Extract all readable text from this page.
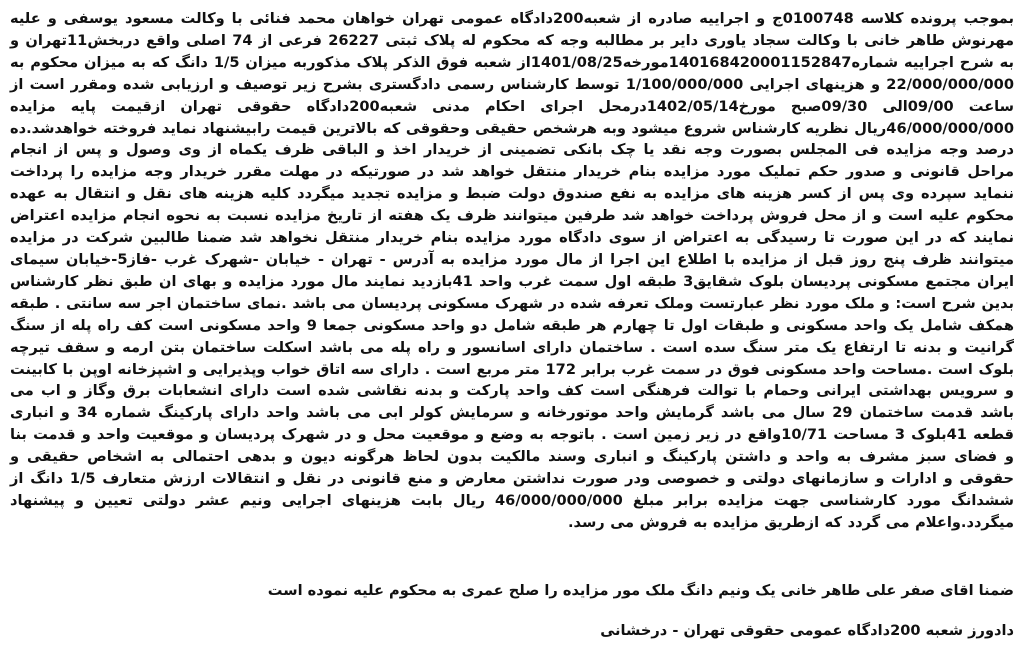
بموجب پرونده کلاسه 0100748ج و اجراییه صادره از شعبه200دادگاه عمومی تهران خواهان محمد فنائی با وکالت مسعود یوسفی و علیه مهرنوش طاهر خانی با وکالت سجاد یاوری دایر بر مطالبه وجه که محکوم له پلاک ثبتی 26227 فرعی از 74 اصلی واقع دربخش11تهران و به شرح اجراییه شماره140168420001152847مورخه1401/08/25از شعبه فوق الذکر پلاک مذکوربه میزان 1/5 دانگ که به میزان محکوم به 22/000/000/000 و هزینهای اجرایی 1/100/000/000 توسط کارشناس رسمی دادگستری بشرح زیر توصیف و ارزیابی شده ومقرر است از ساعت 09/00الی 09/30صبح مورخ1402/05/14درمحل اجرای احکام مدنی شعبه200دادگاه حقوقی تهران ازقیمت پایه مزایده 46/000/000/000ریال نظریه کارشناس شروع میشود وبه هرشخص حقیقی وحقوقی که بالاترین قیمت رابیشنهاد نماید فروخته خواهدشد.ده درصد وجه مزایده فی المجلس بصورت وجه نقد یا چک بانکی تضمینی از خریدار اخذ و الباقی ظرف یکماه از وی وصول و پس از انجام مراحل قانونی و صدور حکم تملیک مورد مزایده بنام خریدار منتقل خواهد شد در صورتیکه در مهلت مقرر خریدار وجه مزایده را پرداخت ننماید سپرده وی پس از کسر هزینه های مزایده به نفع صندوق دولت ضبط و مزایده تجدید میگردد کلیه هزینه های نقل و انتقال به عهده محکوم علیه است و از محل فروش پرداخت خواهد شد طرفین میتوانند ظرف یک هفته از تاریخ مزایده نسبت به نحوه انجام مزایده اعتراض نمایند که در این صورت تا رسیدگی به اعتراض از سوی دادگاه مورد مزایده بنام خریدار منتقل نخواهد شد ضمنا طالبین شرکت در مزایده میتوانند ظرف پنج روز قبل از مزایده با اطلاع این اجرا از مال مورد مزایده به آدرس - تهران - خیابان -شهرک غرب -فاز5-خیابان سیمای ایران مجتمع مسکونی پردیسان بلوک شقایق3 طبقه اول سمت غرب واحد 41بازدید نمایند مال مورد مزایده و بهای ان طبق نظر کارشناس بدین شرح است: و ملک مورد نظر عبارتست وملک تعرفه شده در شهرک مسکونی پردیسان می باشد .نمای ساختمان اجر سه سانتی . طبقه همکف شامل یک واحد مسکونی و طبقات اول تا چهارم هر طبقه شامل دو واحد مسکونی جمعا 9 واحد مسکونی است کف راه پله از سنگ گرانیت و بدنه تا ارتفاع یک متر سنگ سده است . ساختمان دارای اسانسور و راه پله می باشد اسکلت ساختمان بتن ارمه و سقف تیرچه بلوک است .مساحت واحد مسکونی فوق در سمت غرب برابر 172 متر مربع است . دارای سه اتاق خواب وپذیرایی و اشپزخانه اوپن با کابینت و سرویس بهداشتی ایرانی وحمام با توالت فرهنگی است کف واحد پارکت و بدنه نقاشی شده است دارای انشعابات برق وگاز و اب می باشد قدمت ساختمان 29 سال می باشد گرمایش واحد موتورخانه و سرمایش کولر ابی می باشد واحد دارای پارکینگ شماره 34 و انباری قطعه 41بلوک 3 مساحت 10/71واقع در زیر زمین است . باتوجه به وضع و موقعیت محل و در شهرک پردیسان و موقعیت واحد و قدمت بنا و فضای سبز مشرف به واحد و داشتن پارکینگ و انباری وسند مالکیت بدون لحاظ هرگونه دیون و بدهی احتمالی به اشخاص حقیقی و حقوقی و ادارات و سازمانهای دولتی و خصوصی ودر صورت نداشتن معارض و منع قانونی در نقل و انتقالات ارزش متعارف 1/5 دانگ از ششدانگ مورد کارشناسی جهت مزایده برابر مبلغ 46/000/000/000 ریال بابت هزینهای اجرایی ونیم عشر دولتی تعیین و پیشنهاد میگردد.واعلام می گردد که ازطریق مزایده به فروش می رسد.

ضمنا اقای صفر علی طاهر خانی یک ونیم دانگ ملک مور مزایده را صلح عمری به محکوم علیه نموده است

دادورز شعبه 200دادگاه عمومی حقوقی تهران - درخشانی
